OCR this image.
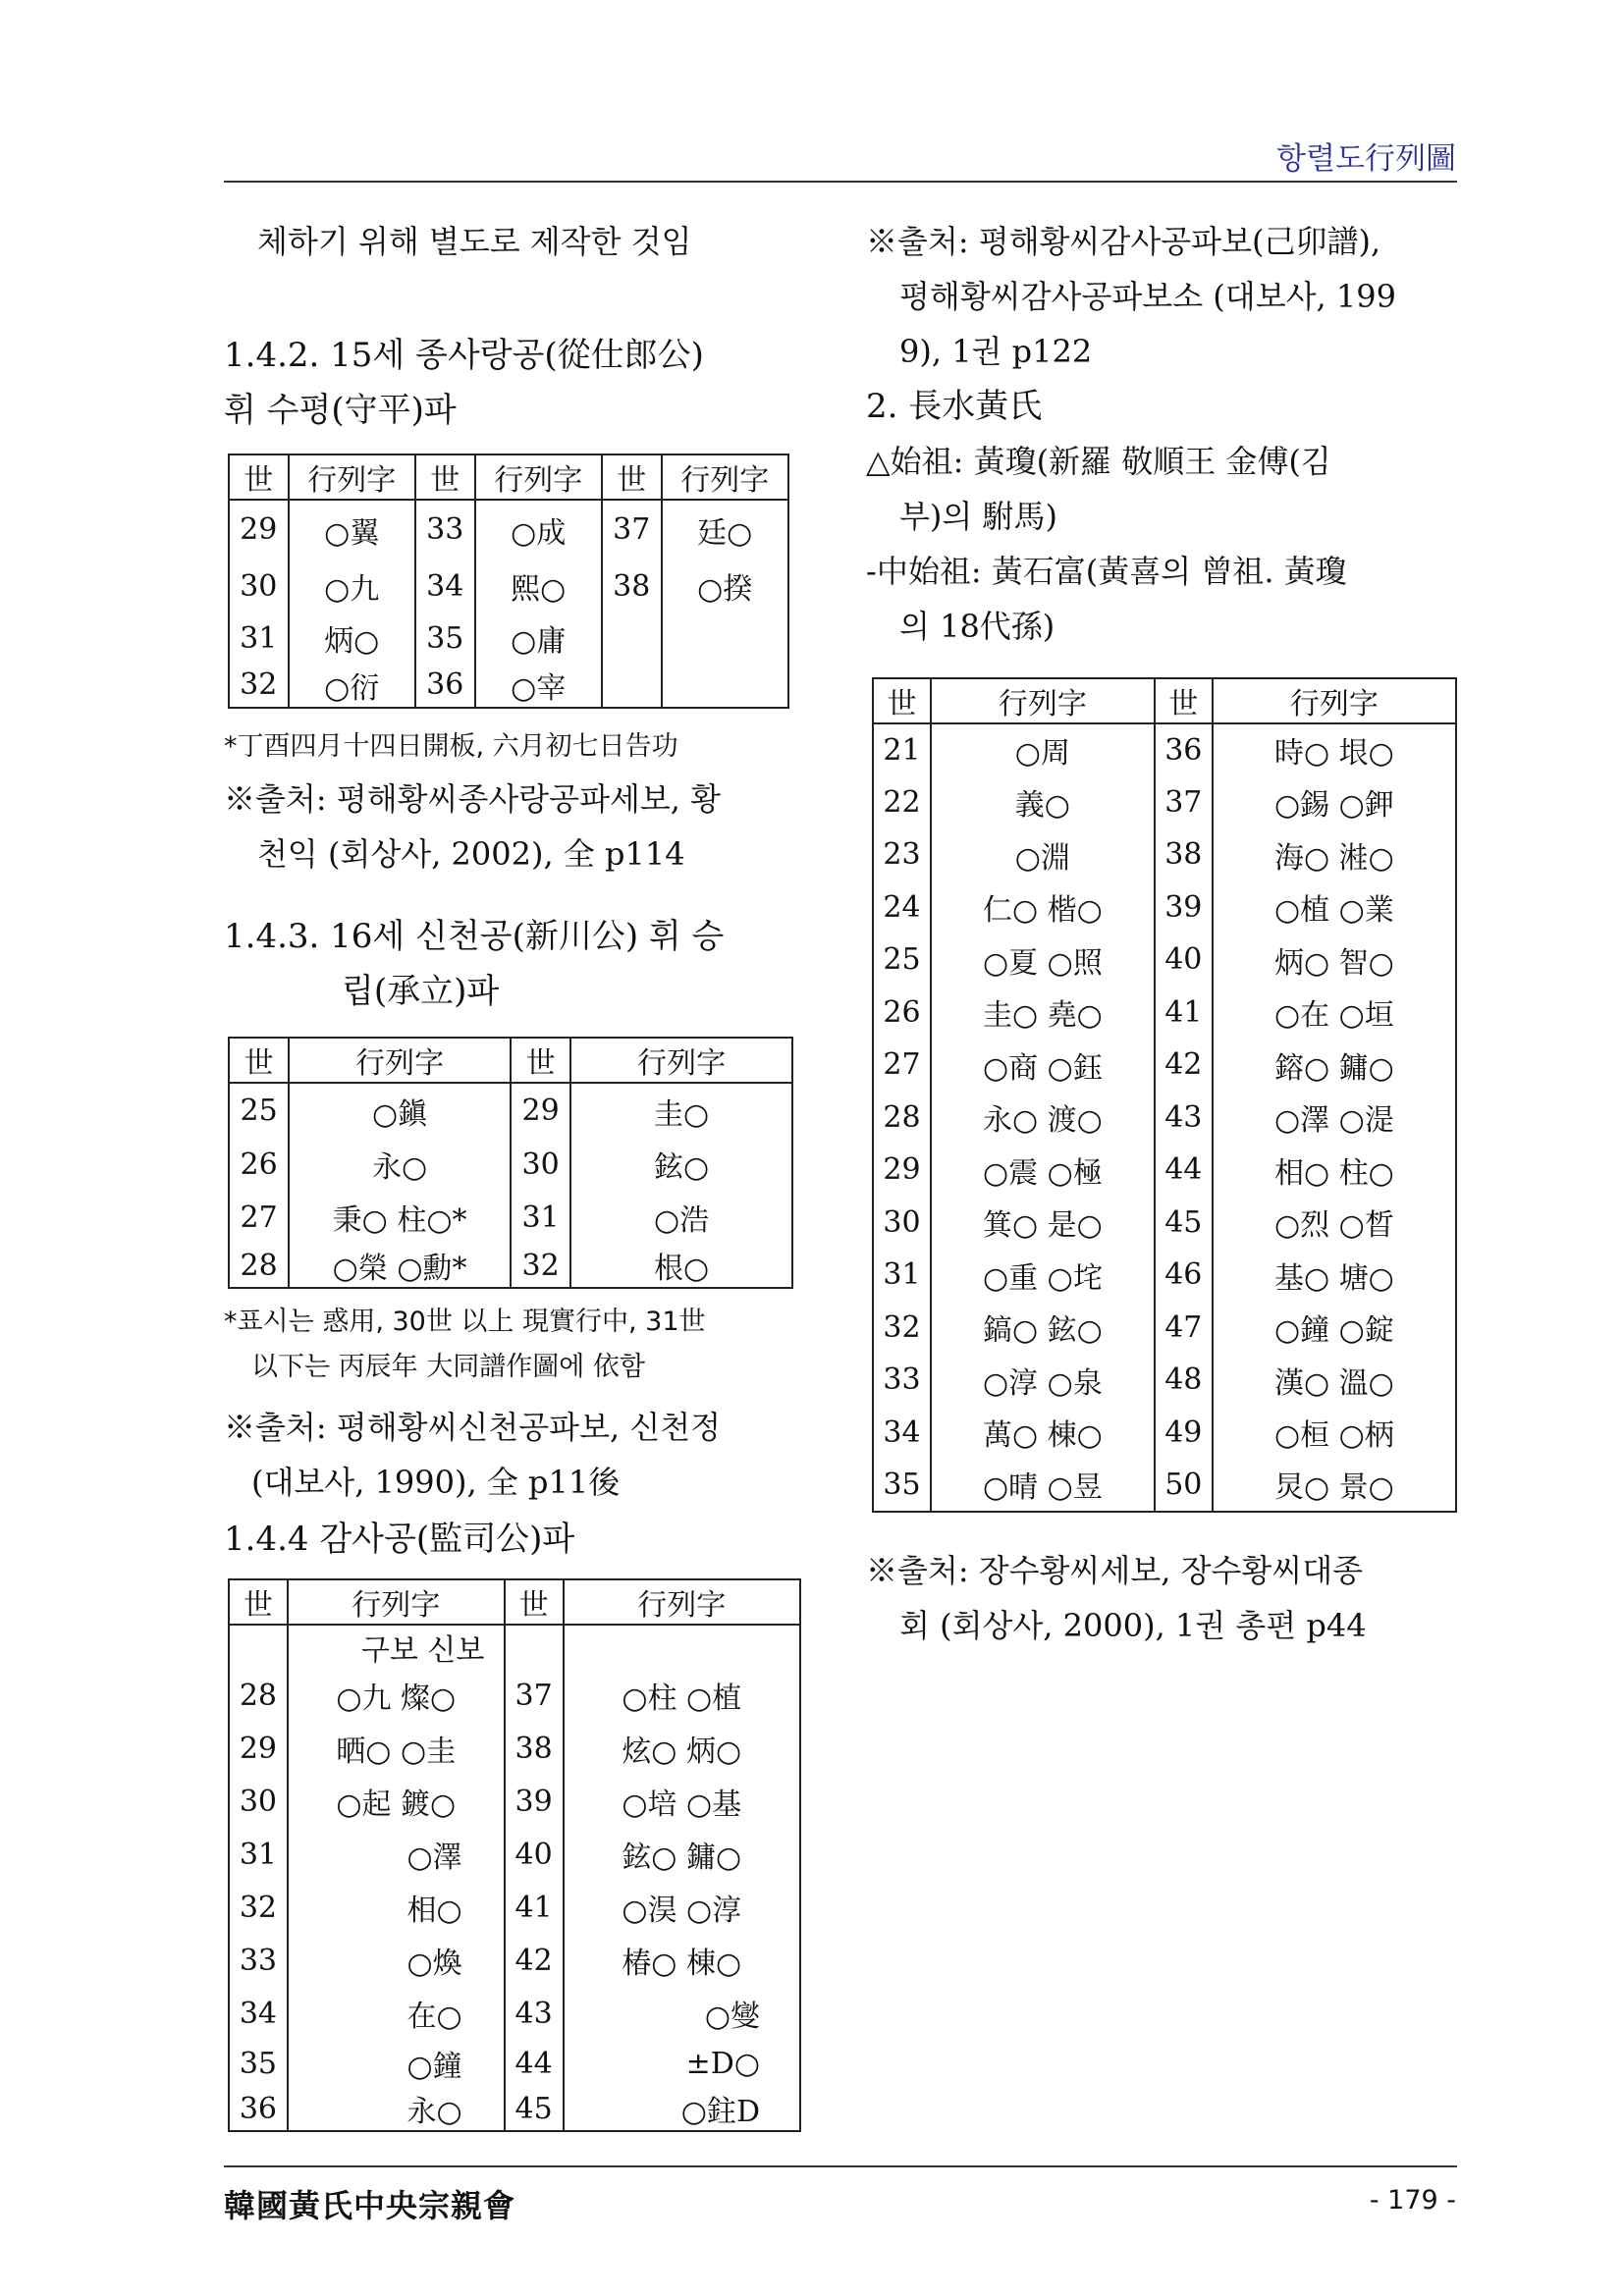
항렬도行列圖
韓國黃氏中央宗親會	- 179 -
체하기 위해 별도로 제작한 것임
1.4.2. 15세 종사랑공(從仕郎公)
휘 수평(守平)파
世	行列字	世	行列字	世	行列字
29	○翼	33	○成	37	廷○
30	○九	34	熙○	38	○揆
31	炳○	35	○庸		
32	○衍	36	○宰		
*丁酉四月十四日開板, 六月初七日告功
※출처: 평해황씨종사랑공파세보, 황
천익 (회상사, 2002), 全 p114
1.4.3. 16세 신천공(新川公) 휘 승
립(承立)파
世	行列字	世	行列字
25	○鎭	29	圭○
26	永○	30	鉉○
27	秉○ 柱○*	31	○浩
28	○榮 ○勳*	32	根○
*표시는 惑用, 30世 以上 現實行中, 31世
以下는 丙辰年 大同譜作圖에 依함
※출처: 평해황씨신천공파보, 신천정
(대보사, 1990), 全 p11後
1.4.4 감사공(監司公)파
世	行列字	世	行列字
	구보 신보		
28	○九 燦○	37	○柱 ○植
29	晒○ ○圭	38	炫○ 炳○
30	○起 鍍○	39	○培 ○基
31	○澤	40	鉉○ 鏞○
32	相○	41	○淏 ○淳
33	○煥	42	椿○ 棟○
34	在○	43	○燮
35	○鐘	44	±D○
36	永○	45	○鉒D
※출처: 평해황씨감사공파보(己卯譜),
평해황씨감사공파보소 (대보사, 199
9), 1권 p122
2. 長水黃氏
△始祖: 黃瓊(新羅 敬順王 金傅(김
부)의 駙馬)
-中始祖: 黃石富(黃喜의 曾祖. 黃瓊
의 18代孫)
世	行列字	世	行列字
21	○周	36	時○ 垠○
22	義○	37	○錫 ○鉀
23	○淵	38	海○ 溎○
24	仁○ 楷○	39	○植 ○業
25	○夏 ○照	40	炳○ 智○
26	圭○ 堯○	41	○在 ○垣
27	○商 ○鈺	42	鎔○ 鏞○
28	永○ 渡○	43	○澤 ○湜
29	○震 ○極	44	相○ 柱○
30	箕○ 是○	45	○烈 ○晳
31	○重 ○垞	46	基○ 塘○
32	鎬○ 鉉○	47	○鐘 ○錠
33	○淳 ○泉	48	漢○ 溫○
34	萬○ 棟○	49	○桓 ○柄
35	○晴 ○昱	50	炅○ 景○
※출처: 장수황씨세보, 장수황씨대종
회 (회상사, 2000), 1권 총편 p44
